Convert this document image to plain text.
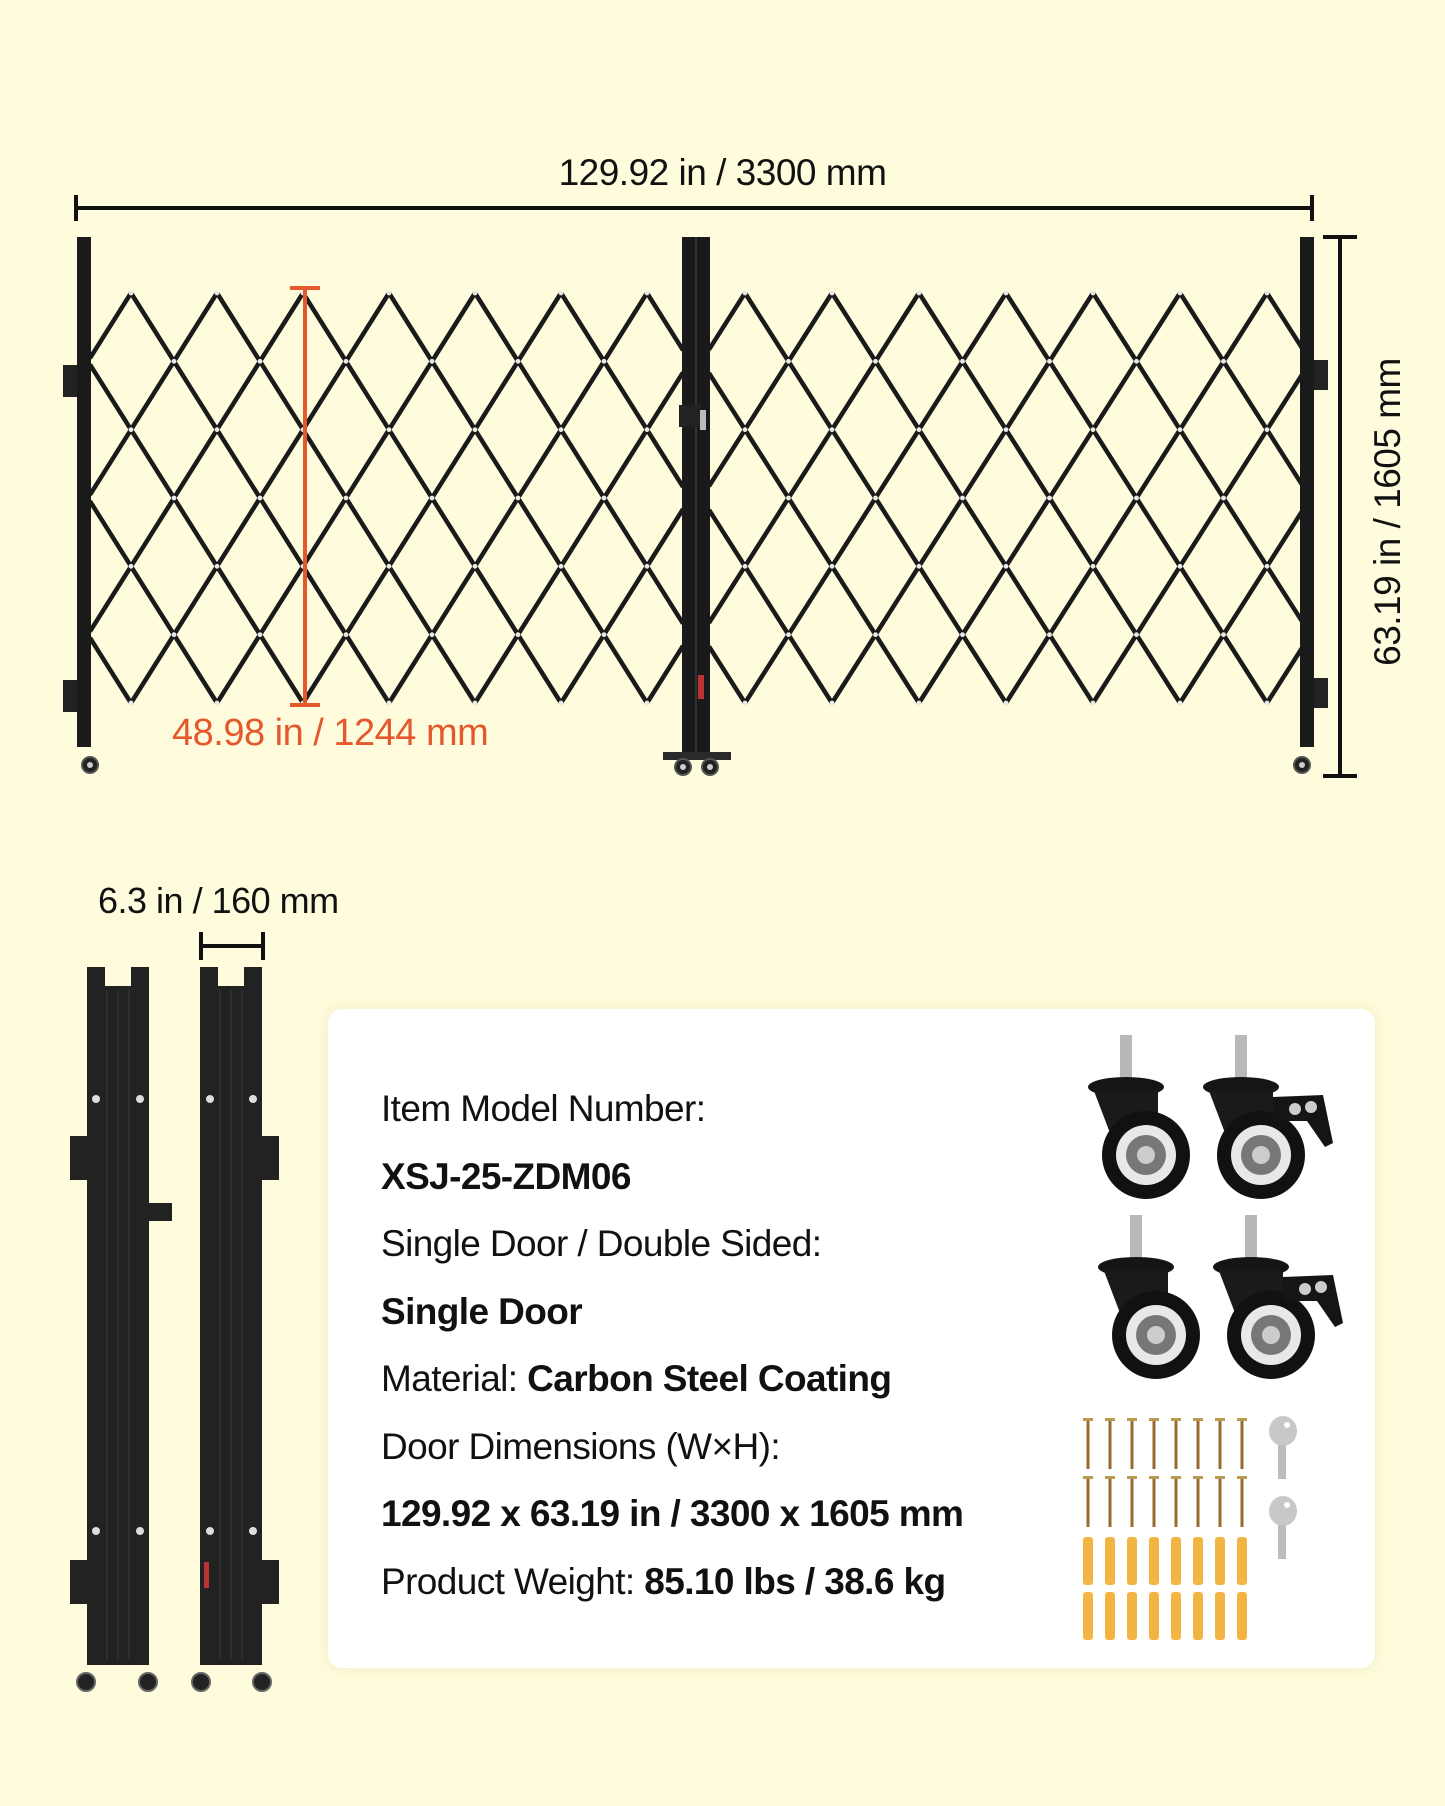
129.92 in / 3300 mm
63.19 in / 1605 mm
48.98 in / 1244 mm
6.3 in / 160 mm
Item Model Number:
XSJ-25-ZDM06
Single Door / Double Sided:
Single Door
Material: Carbon Steel Coating
Door Dimensions (W×H):
129.92 x 63.19 in / 3300 x 1605 mm
Product Weight: 85.10 lbs / 38.6 kg
